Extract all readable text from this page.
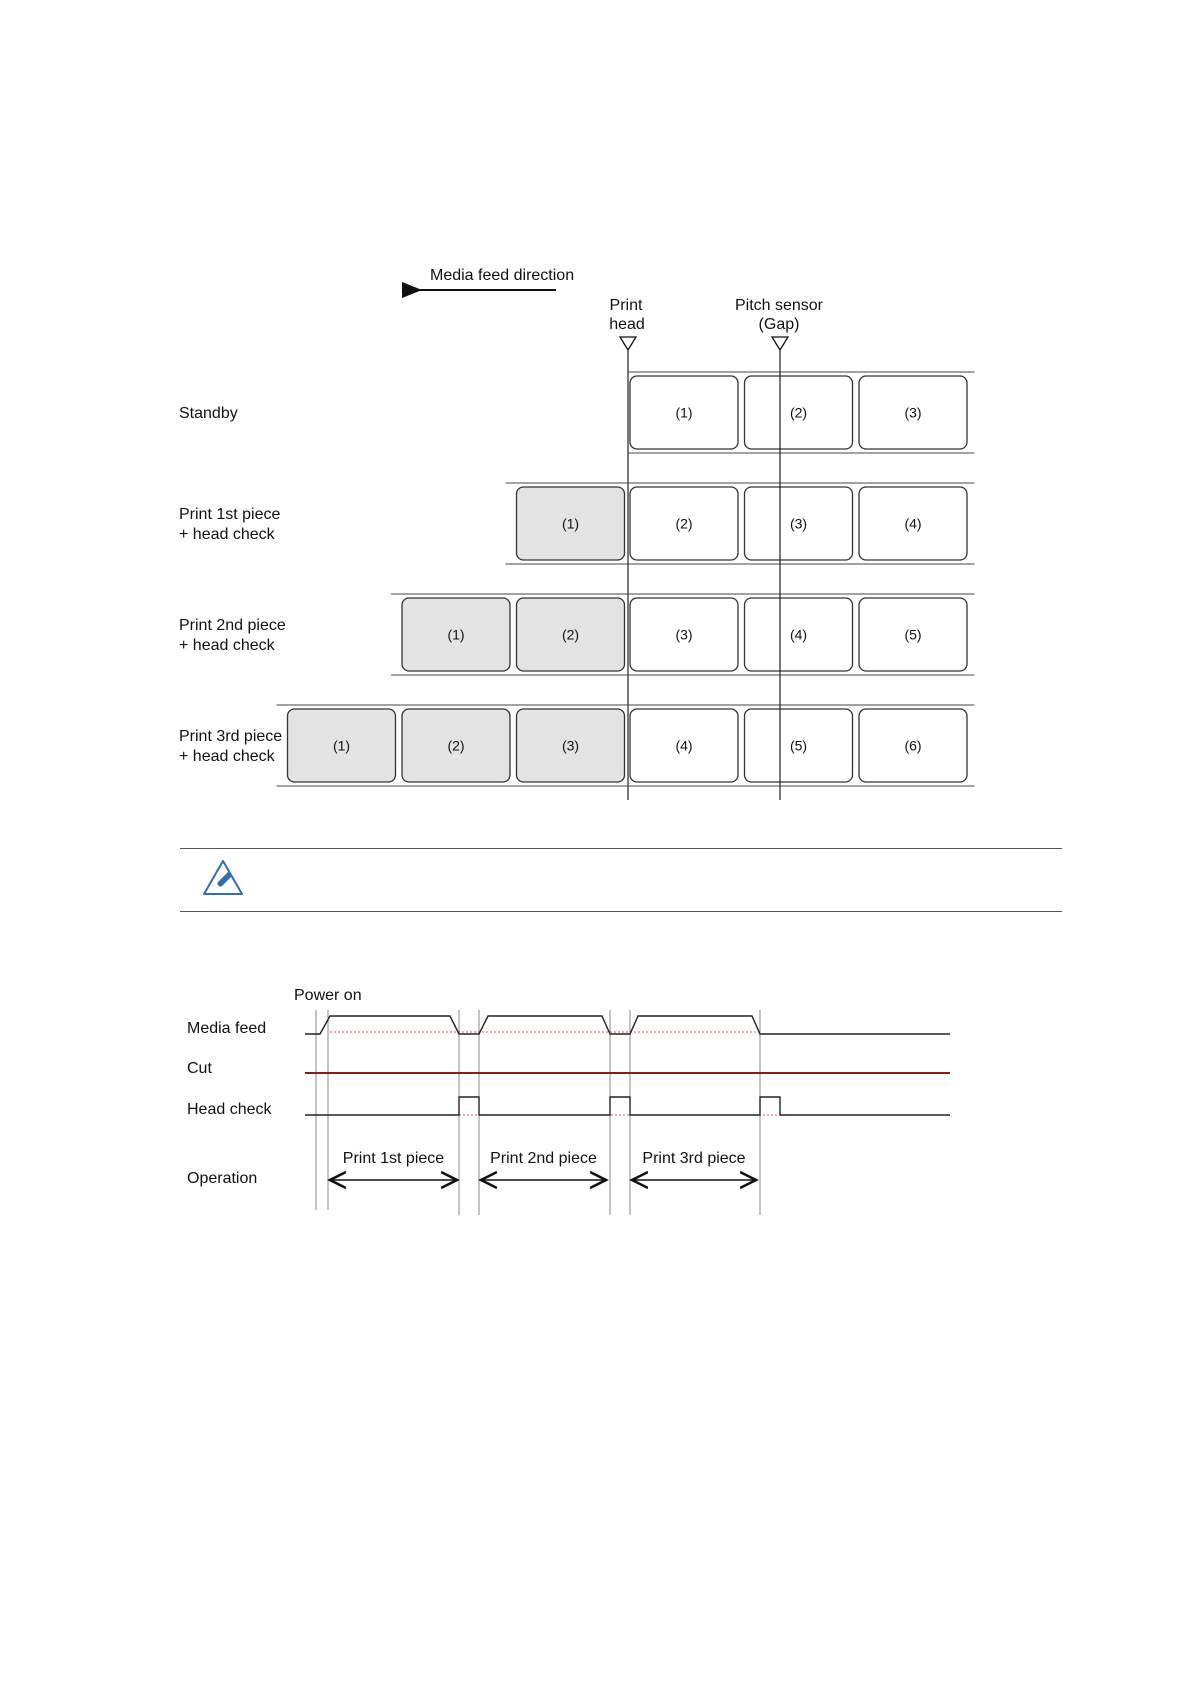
Media feed direction
Print
head
Pitch sensor
(Gap)
Standby	(1)	(2)	(3)
Print 1st piece
+ head check
(1)	(2)	(3)	(4)
Print 2nd piece
+ head check
(1)	(2)	(3)	(4)	(5)
Print 3rd piece
+ head check
(1)	(2)	(3)	(4)	(5)	(6)
Power on
Media feed
Cut
Head check
Operation
Print 1st piece	Print 2nd piece	Print 3rd piece
